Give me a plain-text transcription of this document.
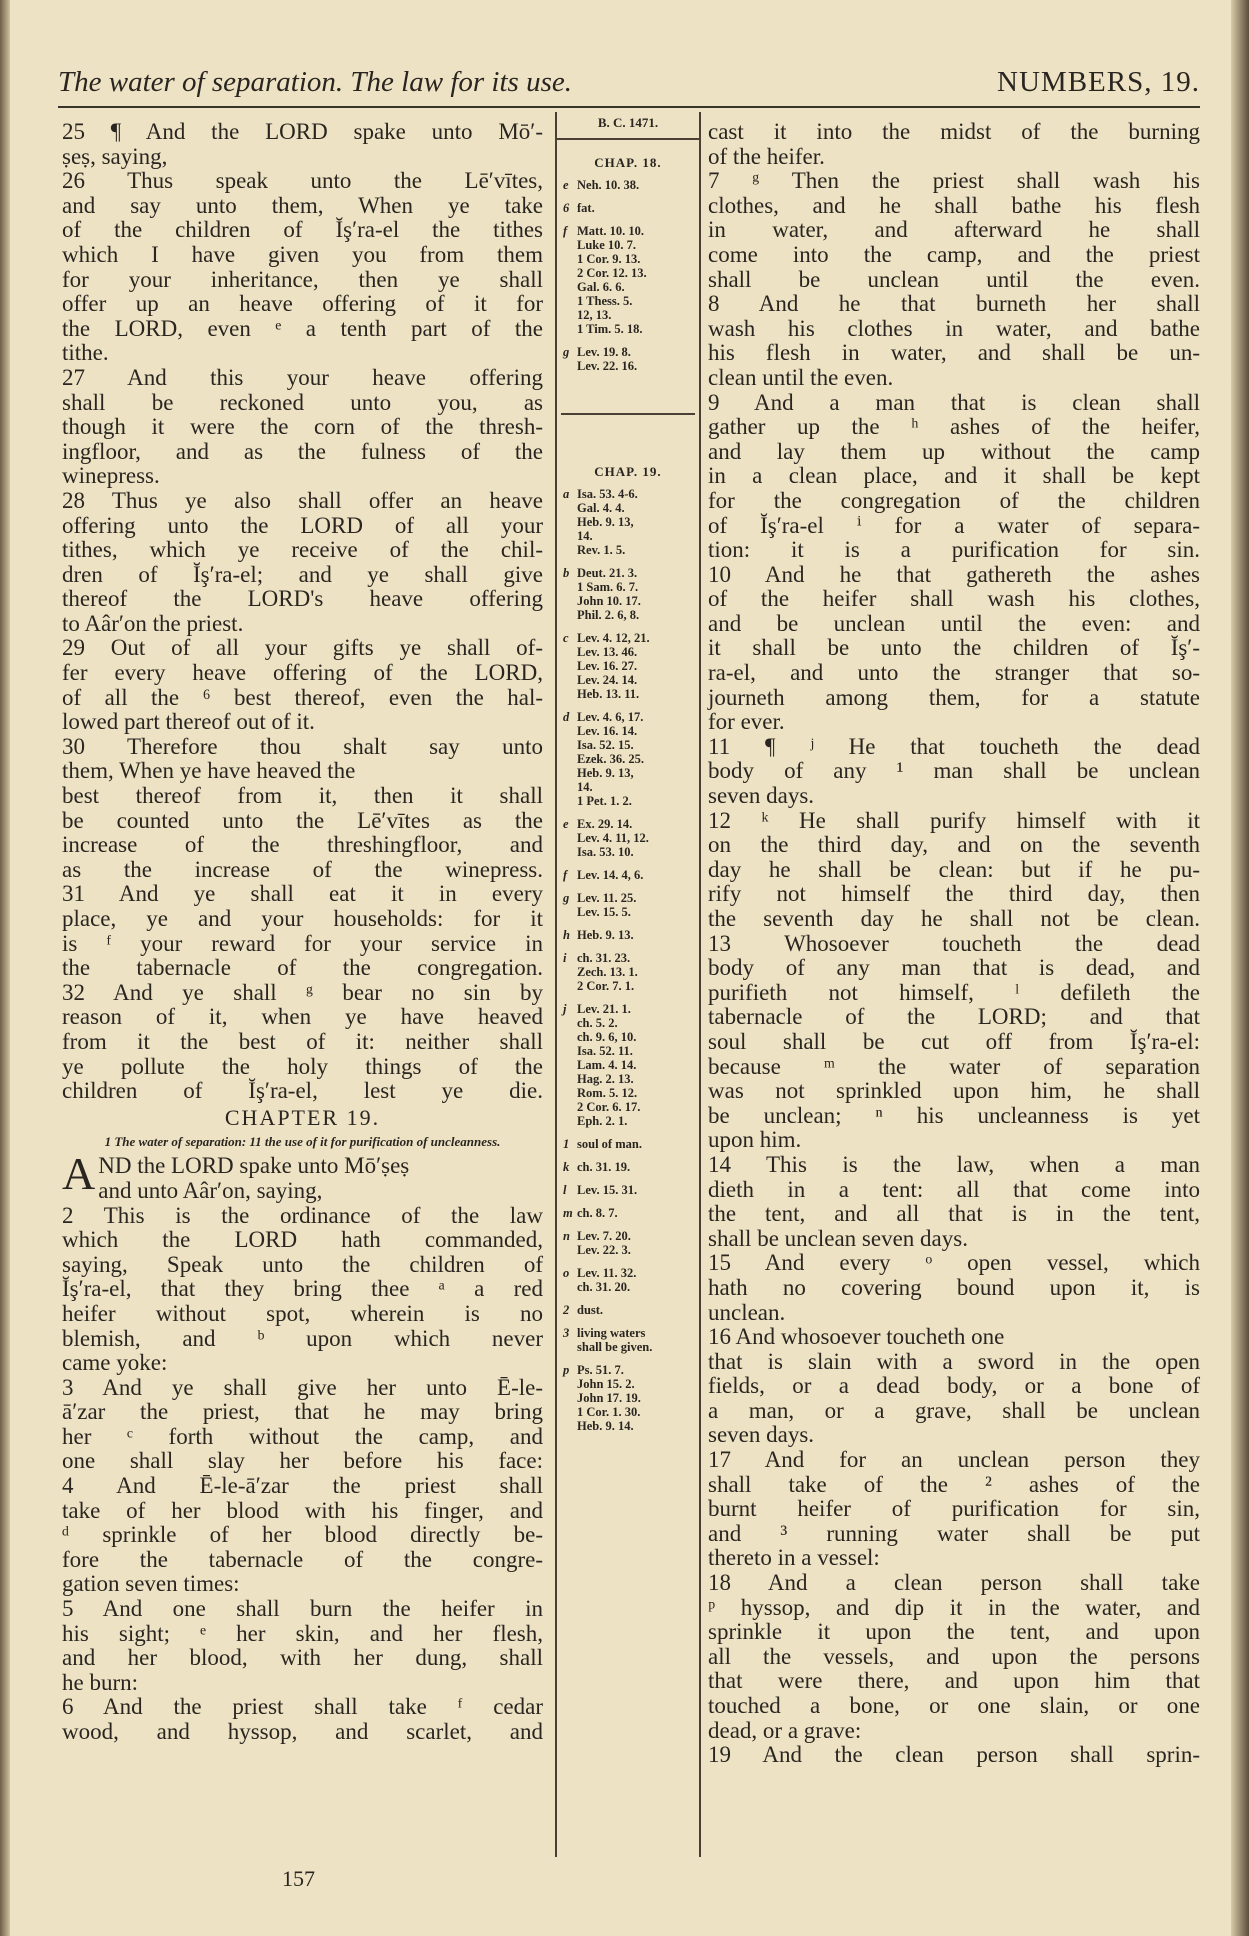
The water of separation. The law for its use.	NUMBERS, 19.
25 ¶ And the LORD spake unto Mō′-
ṣeṣ, saying,
26 Thus speak unto the Lē′vītes,
and say unto them, When ye take
of the children of Ĭş′ra-el the tithes
which I have given you from them
for your inheritance, then ye shall
offer up an heave offering of it for
the LORD, even ᵉ a tenth part of the
tithe.
27 And this your heave offering
shall be reckoned unto you, as
though it were the corn of the thresh-
ingfloor, and as the fulness of the
winepress.
28 Thus ye also shall offer an heave
offering unto the LORD of all your
tithes, which ye receive of the chil-
dren of Ĭş′ra-el; and ye shall give
thereof the LORD's heave offering
to Aâr′on the priest.
29 Out of all your gifts ye shall of-
fer every heave offering of the LORD,
of all the ⁶ best thereof, even the hal-
lowed part thereof out of it.
30 Therefore thou shalt say unto
them, When ye have heaved the
best thereof from it, then it shall
be counted unto the Lē′vītes as the
increase of the threshingfloor, and
as the increase of the winepress.
31 And ye shall eat it in every
place, ye and your households: for it
is ᶠ your reward for your service in
the tabernacle of the congregation.
32 And ye shall ᵍ bear no sin by
reason of it, when ye have heaved
from it the best of it: neither shall
ye pollute the holy things of the
children of Ĭş′ra-el, lest ye die.
CHAPTER 19.
1 The water of separation: 11 the use of it for purification of uncleanness.
A ND the LORD spake unto Mō′ṣeṣ
and unto Aâr′on, saying,
2 This is the ordinance of the law
which the LORD hath commanded,
saying, Speak unto the children of
Ĭş′ra-el, that they bring thee ᵃ a red
heifer without spot, wherein is no
blemish, and ᵇ upon which never
came yoke:
3 And ye shall give her unto Ē-le-
ā′zar the priest, that he may bring
her ᶜ forth without the camp, and
one shall slay her before his face:
4 And Ē-le-ā′zar the priest shall
take of her blood with his finger, and
ᵈ sprinkle of her blood directly be-
fore the tabernacle of the congre-
gation seven times:
5 And one shall burn the heifer in
his sight; ᵉ her skin, and her flesh,
and her blood, with her dung, shall
he burn:
6 And the priest shall take ᶠ cedar
wood, and hyssop, and scarlet, and
B. C. 1471.
CHAP. 18.
e Neh. 10. 38.
6 fat.
f Matt. 10. 10.
Luke 10. 7.
1 Cor. 9. 13.
2 Cor. 12. 13.
Gal. 6. 6.
1 Thess. 5.
12, 13.
1 Tim. 5. 18.
g Lev. 19. 8.
Lev. 22. 16.
CHAP. 19.
a Isa. 53. 4-6.
Gal. 4. 4.
Heb. 9. 13,
14.
Rev. 1. 5.
b Deut. 21. 3.
1 Sam. 6. 7.
John 10. 17.
Phil. 2. 6, 8.
c Lev. 4. 12, 21.
Lev. 13. 46.
Lev. 16. 27.
Lev. 24. 14.
Heb. 13. 11.
d Lev. 4. 6, 17.
Lev. 16. 14.
Isa. 52. 15.
Ezek. 36. 25.
Heb. 9. 13,
14.
1 Pet. 1. 2.
e Ex. 29. 14.
Lev. 4. 11, 12.
Isa. 53. 10.
f Lev. 14. 4, 6.
g Lev. 11. 25.
Lev. 15. 5.
h Heb. 9. 13.
i ch. 31. 23.
Zech. 13. 1.
2 Cor. 7. 1.
j Lev. 21. 1.
ch. 5. 2.
ch. 9. 6, 10.
Isa. 52. 11.
Lam. 4. 14.
Hag. 2. 13.
Rom. 5. 12.
2 Cor. 6. 17.
Eph. 2. 1.
1 soul of man.
k ch. 31. 19.
l Lev. 15. 31.
m ch. 8. 7.
n Lev. 7. 20.
Lev. 22. 3.
o Lev. 11. 32.
ch. 31. 20.
2 dust.
3 living waters
shall be given.
p Ps. 51. 7.
John 15. 2.
John 17. 19.
1 Cor. 1. 30.
Heb. 9. 14.
cast it into the midst of the burning
of the heifer.
7 ᵍ Then the priest shall wash his
clothes, and he shall bathe his flesh
in water, and afterward he shall
come into the camp, and the priest
shall be unclean until the even.
8 And he that burneth her shall
wash his clothes in water, and bathe
his flesh in water, and shall be un-
clean until the even.
9 And a man that is clean shall
gather up the ʰ ashes of the heifer,
and lay them up without the camp
in a clean place, and it shall be kept
for the congregation of the children
of Ĭş′ra-el ⁱ for a water of separa-
tion: it is a purification for sin.
10 And he that gathereth the ashes
of the heifer shall wash his clothes,
and be unclean until the even: and
it shall be unto the children of Ĭş′-
ra-el, and unto the stranger that so-
journeth among them, for a statute
for ever.
11 ¶ ʲ He that toucheth the dead
body of any ¹ man shall be unclean
seven days.
12 ᵏ He shall purify himself with it
on the third day, and on the seventh
day he shall be clean: but if he pu-
rify not himself the third day, then
the seventh day he shall not be clean.
13 Whosoever toucheth the dead
body of any man that is dead, and
purifieth not himself, ˡ defileth the
tabernacle of the LORD; and that
soul shall be cut off from Ĭş′ra-el:
because ᵐ the water of separation
was not sprinkled upon him, he shall
be unclean; ⁿ his uncleanness is yet
upon him.
14 This is the law, when a man
dieth in a tent: all that come into
the tent, and all that is in the tent,
shall be unclean seven days.
15 And every ᵒ open vessel, which
hath no covering bound upon it, is
unclean.
16 And whosoever toucheth one
that is slain with a sword in the open
fields, or a dead body, or a bone of
a man, or a grave, shall be unclean
seven days.
17 And for an unclean person they
shall take of the ² ashes of the
burnt heifer of purification for sin,
and ³ running water shall be put
thereto in a vessel:
18 And a clean person shall take
ᵖ hyssop, and dip it in the water, and
sprinkle it upon the tent, and upon
all the vessels, and upon the persons
that were there, and upon him that
touched a bone, or one slain, or one
dead, or a grave:
19 And the clean person shall sprin-
157
